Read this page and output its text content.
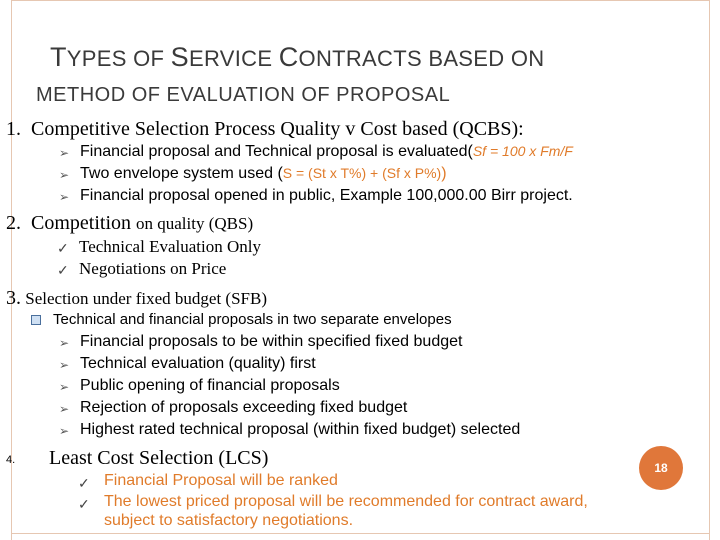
TYPES OF SERVICE CONTRACTS BASED ON
METHOD OF EVALUATION OF PROPOSAL
1. Competitive Selection Process Quality v Cost based (QCBS):
➢ Financial proposal and Technical proposal is evaluated(Sf = 100 x Fm/F
➢ Two envelope system used (S = (St x T%) + (Sf x P%))
➢ Financial proposal opened in public, Example 100,000.00 Birr project.
2. Competition on quality (QBS)
✓ Technical Evaluation Only
✓ Negotiations on Price
3. Selection under fixed budget (SFB)
Technical and financial proposals in two separate envelopes
➢ Financial proposals to be within specified fixed budget
➢ Technical evaluation (quality) first
➢ Public opening of financial proposals
➢ Rejection of proposals exceeding fixed budget
➢ Highest rated technical proposal (within fixed budget) selected
4. Least Cost Selection (LCS)
✓ Financial Proposal will be ranked
✓ The lowest priced proposal will be recommended for contract award,
subject to satisfactory negotiations.
18
